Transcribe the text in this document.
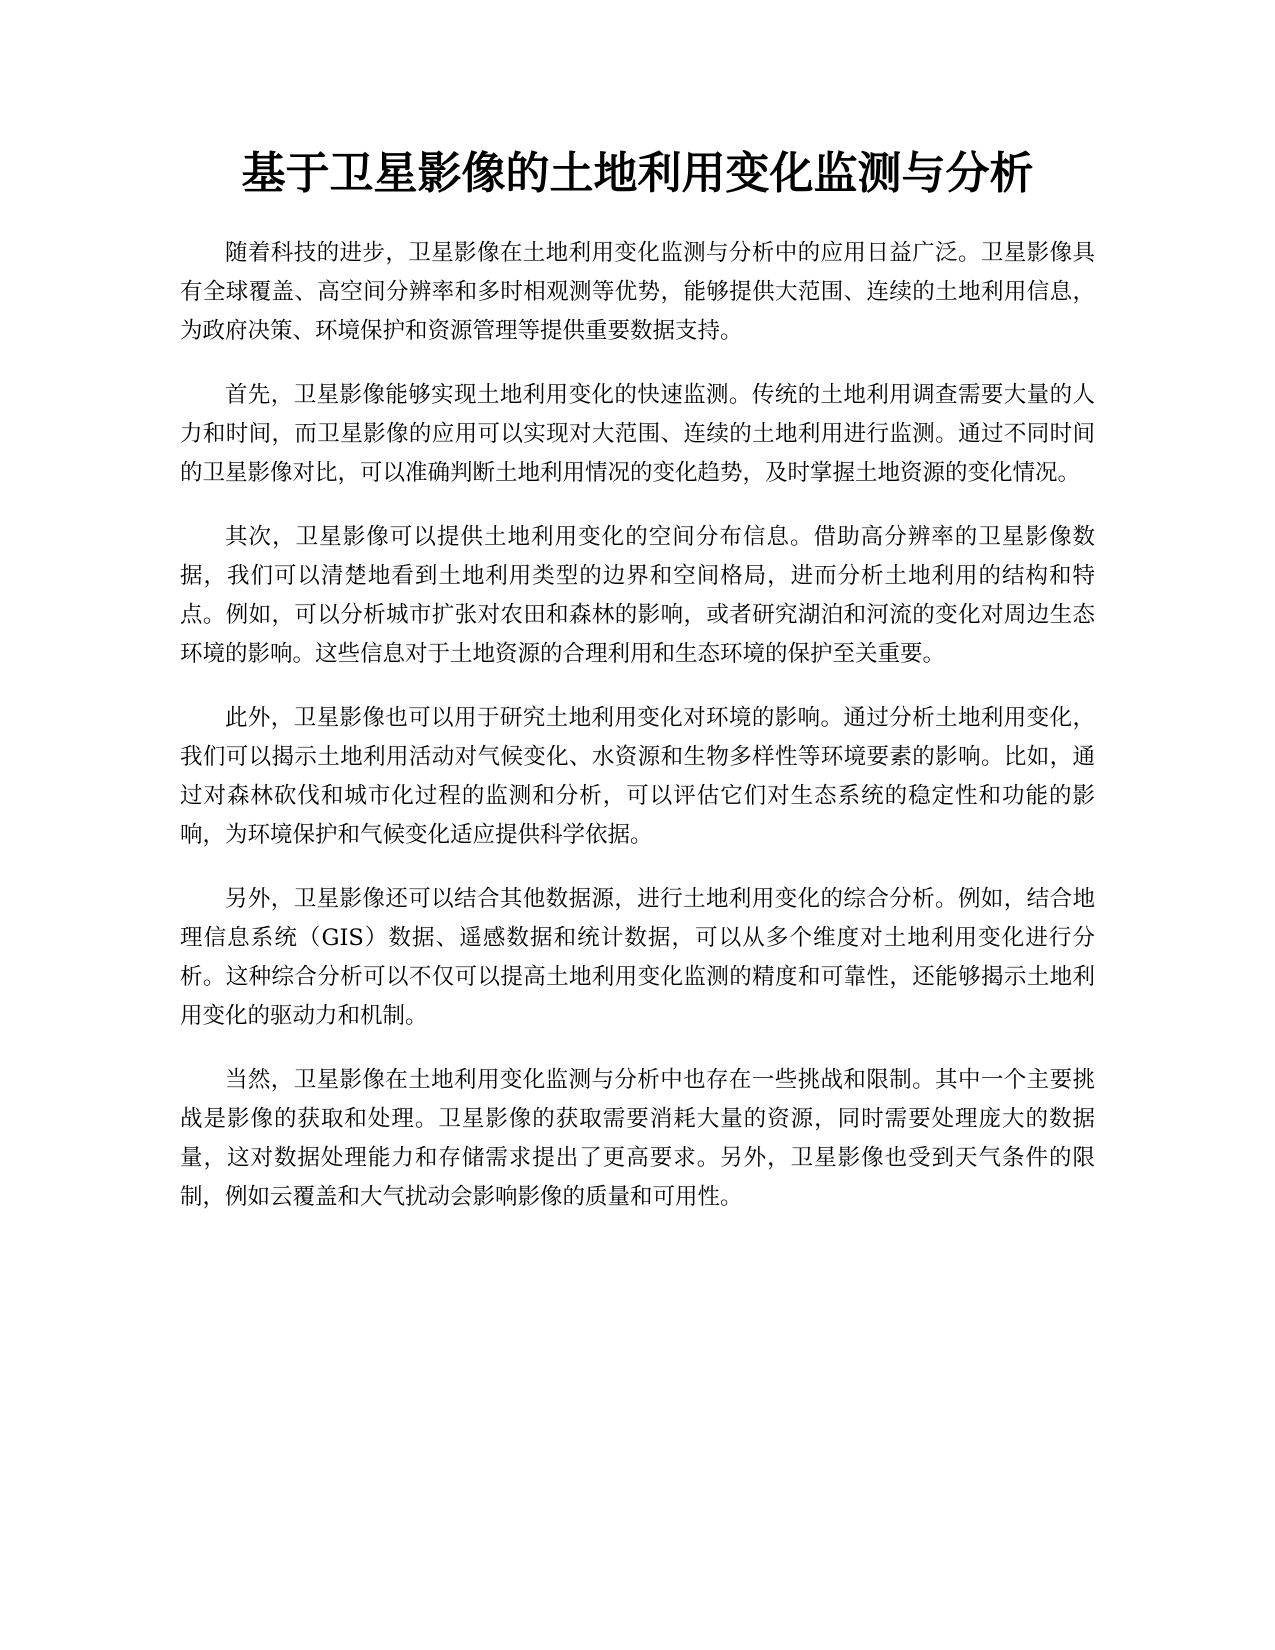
基于卫星影像的土地利用变化监测与分析

随着科技的进步，卫星影像在土地利用变化监测与分析中的应用日益广泛。卫星影像具有全球覆盖、高空间分辨率和多时相观测等优势，能够提供大范围、连续的土地利用信息，为政府决策、环境保护和资源管理等提供重要数据支持。

首先，卫星影像能够实现土地利用变化的快速监测。传统的土地利用调查需要大量的人力和时间，而卫星影像的应用可以实现对大范围、连续的土地利用进行监测。通过不同时间的卫星影像对比，可以准确判断土地利用情况的变化趋势，及时掌握土地资源的变化情况。

其次，卫星影像可以提供土地利用变化的空间分布信息。借助高分辨率的卫星影像数据，我们可以清楚地看到土地利用类型的边界和空间格局，进而分析土地利用的结构和特点。例如，可以分析城市扩张对农田和森林的影响，或者研究湖泊和河流的变化对周边生态环境的影响。这些信息对于土地资源的合理利用和生态环境的保护至关重要。

此外，卫星影像也可以用于研究土地利用变化对环境的影响。通过分析土地利用变化，我们可以揭示土地利用活动对气候变化、水资源和生物多样性等环境要素的影响。比如，通过对森林砍伐和城市化过程的监测和分析，可以评估它们对生态系统的稳定性和功能的影响，为环境保护和气候变化适应提供科学依据。

另外，卫星影像还可以结合其他数据源，进行土地利用变化的综合分析。例如，结合地理信息系统（GIS）数据、遥感数据和统计数据，可以从多个维度对土地利用变化进行分析。这种综合分析可以不仅可以提高土地利用变化监测的精度和可靠性，还能够揭示土地利用变化的驱动力和机制。

当然，卫星影像在土地利用变化监测与分析中也存在一些挑战和限制。其中一个主要挑战是影像的获取和处理。卫星影像的获取需要消耗大量的资源，同时需要处理庞大的数据量，这对数据处理能力和存储需求提出了更高要求。另外，卫星影像也受到天气条件的限制，例如云覆盖和大气扰动会影响影像的质量和可用性。
